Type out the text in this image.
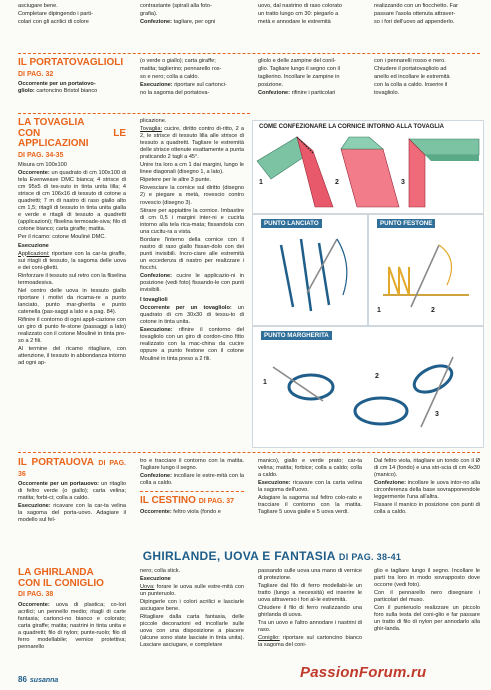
asciugare bene.

Completare dipingendo i parti-

colari con gli acrilici di colore

contrastante (spirali alla foto-

grafia).

Confezione: tagliare, per ogni

uovo, dal nastrino di raso colorato

un tratto lungo cm 30: piegarlo a

metà e annodare le estremità

realizzando con un fiocchetto. Far

passare l'asola ottenuta attraver-

so i fori dell'uovo ad appenderlo.

IL PORTATOVAGLIOLI
DI PAG. 32

Occorrente per un portatovo-
gliolo: cartoncino Bristol bianco

(o verde o giallo); carta giraffe;

matita; taglierino; pennarello ros-

so e nero; colla a caldo.

Esecuzione: riportare sul cartonci-

no la sagoma del portatova-

gliolo e delle zampine del conil-

glio. Tagliare lungo il segno con il

taglierino. Incollare le zampine in

posizione.

Confezione: rifinire i particolari

con i pennarelli rosso e nero.

Chiudere il portatovagliolo ad

anello ed incollare le estremità

con la colla a caldo. Inserire il

tovagliolo.

LA TOVAGLIA
CON LE APPLICAZIONI
DI PAG. 34-35

Misura cm 100x100

Occorrente: un quadrato di cm 100x100 di tela Evenweave DMC bianca; 4 strisce di cm 95x5 di tes-suto in tinta unita lilla; 4 strisce di cm 106x16 di tessuto di cotone a quadretti; 7 m di nastro di raso giallo alto cm 1,5; ritagli di tessuto in tinta unita gialla e verde e ritagli di tessuto a quadretti (applicazioni); fliselina termoade-siva; filo di cotone bianco; carta giraffe; matita.

Per il ricamo: cotone Mouliné DMC.

Esecuzione

Applicazioni: riportare con la car-ta giraffe, sui ritagli di tessuto, la sagoma delle uova e dei coni-glietti.

Rinforzare il tessuto sul retro con la fliselina termoadesiva.

Nel centro delle uova in tessuto giallo riportare i motivi da ricama-re a punto lanciato, punto mar-gherita e punto catenella (pas-saggi a lato e a pag. 84).

Rifinire il contorno di ogni appli-cazione con un giro di punto fe-stone (passaggi a lato) realizzato con il cotone Mouliné in tinta pre-so a 2 fili.

Al termine del ricamo ritagliare, con attenzione, il tessuto in abbondanza intorno ad ogni ap-

plicazione.

Tovaglia: cucire, diritto contro di-ritto, 2 a 2, le strisce di tessuto lilla alle strisce di tessuto a quadretti. Tagliare le estremità delle strisce ottenute esattamente a punta praticando 2 tagli a 45°.

Unire tra loro a cm 1 dai margini, lungo le linee diagonali (disegno 1, a lato).

Ripetere per le altre 3 punte.

Rovesciare la cornice sul diritto (disegno 2) e piegare a metà, rovescio contro rovescio (disegno 3).

Stirare per appiattire la cornice. Imbastire di cm 0,5 i margini inter-ni e cucirla intorno alla tela rica-mata; fissandola con una cucitu-ra a vista.

Bordare l'interno della cornice con il nastro di raso giallo fissan-dolo con dei punti invisibili. Incro-ciare alle estremità un eccedenza di nastro per realizzare i fiocchi.

Confezione: cucire le applicazio-ni in posizione (vedi foto) fissando-le con punti invisibili.

I tovaglioli

Occorrente per un tovagliolo: un quadrato di cm 30x30 di tessu-to di cotone in tinta unita.

Esecuzione: rifinire il contorno del tovagliolo con un giro di cordon-cino fitto realizzato con la mac-china da cucire oppure a punto festone con il cotone Mouliné in tinta preso a 2 fili.

COME CONFEZIONARE LA CORNICE INTORNO ALLA TOVAGLIA
1	2	3
PUNTO LANCIATO	PUNTO FESTONE
1	2
PUNTO MARGHERITA
1
2
3
IL PORTAUOVA DI PAG. 36

Occorrente per un portauovo: un ritaglio di feltro verde (o giallo); carta velina; matita; forbi-ci; colla a caldo.

Esecuzione: ricavare con la car-ta velina la sagoma del porta-uovo. Adagiare il modello sul fel-

tro e tracciare il contorno con la matita. Tagliare lungo il segno.

Confezione: incollare le estre-mità con la colla a caldo.

IL CESTINO DI PAG. 37

Occorrente: feltro viola (fondo e

manico), giallo e verde prato; car-ta velina; matita; forbice; colla a caldo; colla a caldo.

Esecuzione: ricavare con la carta velina la sagoma dell'uovo.

Adagiare la sagoma sul feltro colo-rato e tracciare il contorno con la matita. Tagliare 5 uova gialle e 5 uova verdi.

Dal feltro viola, ritagliare un tondo con il Ø di cm 14 (fondo) e una stri-scia di cm 4x30 (manico).

Confezione: incollare le uova intor-no alla circonferenza della base sovrapponendole leggermente l'una all'altra.

Fissare il manico in posizione con punti di colla a caldo.

GHIRLANDE, UOVA E FANTASIA DI PAG. 38-41
LA GHIRLANDA
CON IL CONIGLIO
DI PAG. 38

Occorrente: uova di plastica; co-lori acrilici; un pennello medio; ritagli di carte fantasia; cartonci-no bianco e colorato; carta giraffe; matita; nastrini in tinta unita e a quadretti; filo di nylon; punte-ruolo; filo di ferro modellabile; vernice protettiva; pennarello

nero; colla stick.

Esecuzione

Uova: forare le uova sulle estre-mità con un punteruolo.

Dipingerle con i colori acrilici e lasciarle asciugare bene.

Ritagliare dalla carta fantasia, delle piccole decorazioni ed incollarle sulle uova con una disposizione a piacere (alcune sono state lasciate in tinta unita). Lasciare asciugare, e completare

passando sulle uova una mano di vernice di protezione.

Tagliare dal filo di ferro modellabi-le un tratto (lungo a necessità) ed inserire le uova attraverso i fori al-le estremità.

Chiudere il filo di ferro realizzando una ghirlanda di uova.

Tra un uovo e l'altro annodare i nastrini di raso.

Coniglio: riportare sul cartoncino bianco la sagoma del coni-

glio e tagliare lungo il segno. Incollare le parti tra loro in modo sovrapposto dove occorre (vedi foto).

Con il pennarello nero disegnare i particolari del muso.

Con il punteruolo realizzare un piccolo foro sulla testa del coni-glio e far passare un tratto di filo di nylon per annodarlo alla ghir-landa.

86 susanna	PassionForum.ru
